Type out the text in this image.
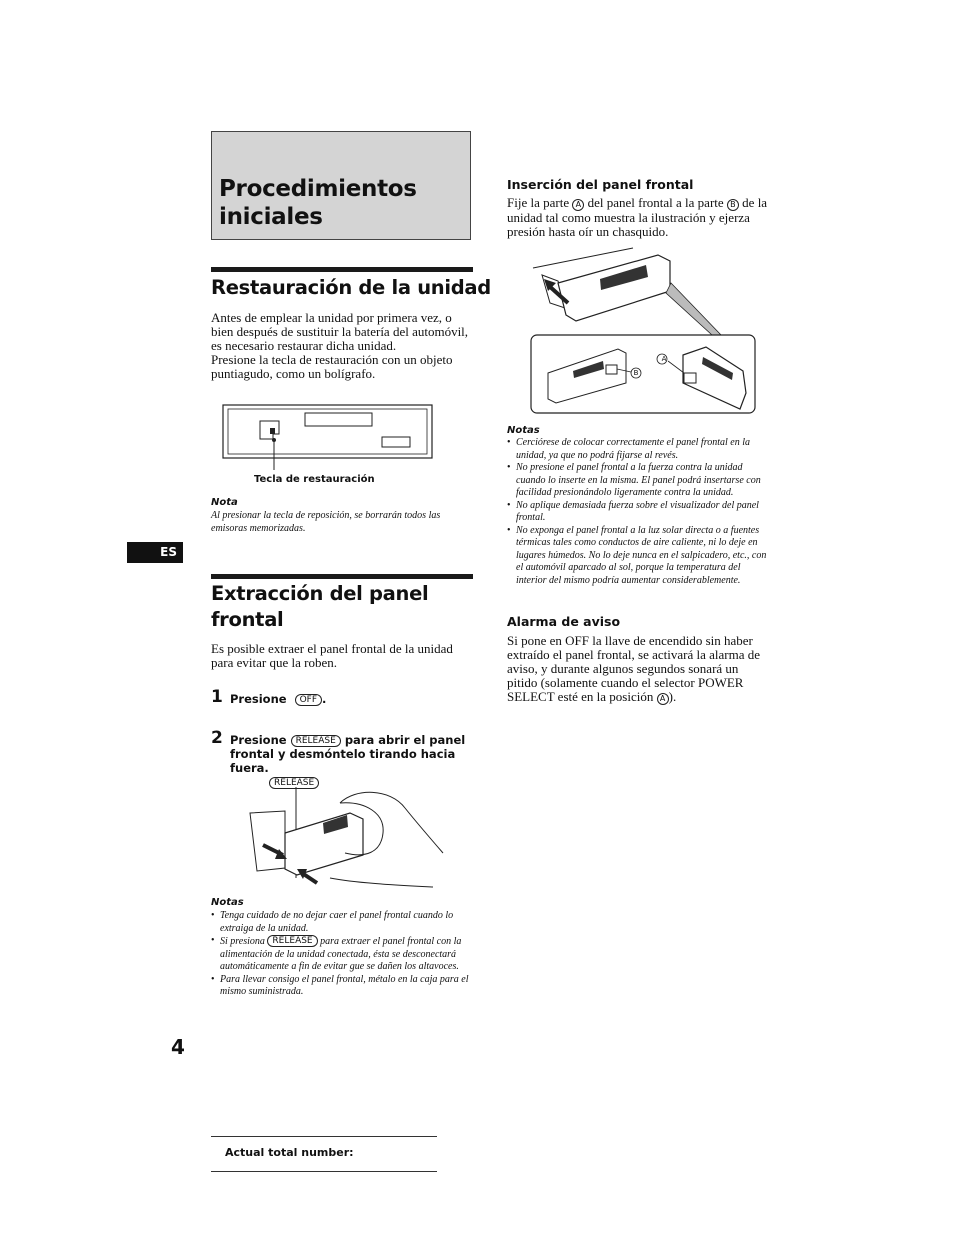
Procedimientos
iniciales
Restauración de la unidad
Antes de emplear la unidad por primera vez, o bien después de sustituir la batería del automóvil, es necesario restaurar dicha unidad.
Presione la tecla de restauración con un objeto puntiagudo, como un bolígrafo.
Tecla de restauración
Nota
Al presionar la tecla de reposición, se borrarán todos las emisoras memorizadas.
ES
Extracción del panel
frontal
Es posible extraer el panel frontal de la unidad para evitar que la roben.
1 Presione OFF .
2 Presione RELEASE para abrir el panel frontal y desmóntelo tirando hacia fuera.
RELEASE
Notas
• Tenga cuidado de no dejar caer el panel frontal cuando lo extraiga de la unidad.
• Si presiona RELEASE para extraer el panel frontal con la alimentación de la unidad conectada, ésta se desconectará automáticamente a fin de evitar gue se dañen los altavoces.
• Para llevar consigo el panel frontal, métalo en la caja para el mismo suministrada.
4
Inserción del panel frontal
Fije la parte A del panel frontal a la parte B de la unidad tal como muestra la ilustración y ejerza presión hasta oír un chasquido.
A
B
Notas
• Cerciórese de colocar correctamente el panel frontal en la unidad, ya que no podrá fijarse al revés.
• No presione el panel frontal a la fuerza contra la unidad cuando lo inserte en la misma. El panel podrá insertarse con facilidad presionándolo ligeramente contra la unidad.
• No aplique demasiada fuerza sobre el visualizador del panel frontal.
• No exponga el panel frontal a la luz solar directa o a fuentes térmicas tales como conductos de aire caliente, ni lo deje en lugares húmedos. No lo deje nunca en el salpicadero, etc., con el automóvil aparcado al sol, porque la temperatura del interior del mismo podría aumentar considerablemente.
Alarma de aviso
Si pone en OFF la llave de encendido sin haber extraído el panel frontal, se activará la alarma de aviso, y durante algunos segundos sonará un pitido (solamente cuando el selector POWER SELECT esté en la posición A ).
Actual total number:
